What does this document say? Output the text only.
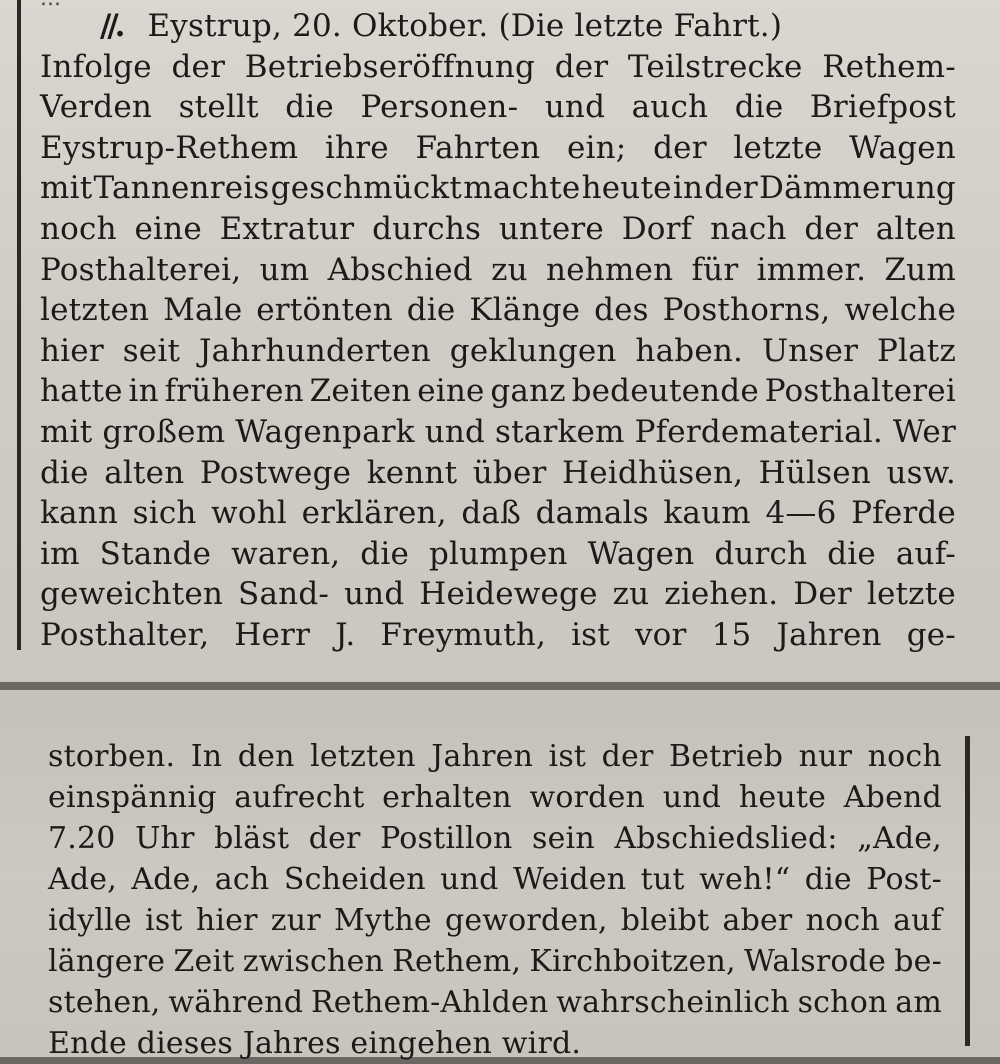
//. Eystrup, 20. Oktober. (Die letzte Fahrt.)
Infolge der Betriebseröffnung der Teilstrecke Rethem-
Verden stellt die Personen- und auch die Briefpost
Eystrup-Rethem ihre Fahrten ein; der letzte Wagen
mit Tannenreis geschmückt machte heute in der Dämmerung
noch eine Extratur durchs untere Dorf nach der alten
Posthalterei, um Abschied zu nehmen für immer. Zum
letzten Male ertönten die Klänge des Posthorns, welche
hier seit Jahrhunderten geklungen haben. Unser Platz
hatte in früheren Zeiten eine ganz bedeutende Posthalterei
mit großem Wagenpark und starkem Pferdematerial. Wer
die alten Postwege kennt über Heidhüsen, Hülsen usw.
kann sich wohl erklären, daß damals kaum 4—6 Pferde
im Stande waren, die plumpen Wagen durch die auf-
geweichten Sand- und Heidewege zu ziehen. Der letzte
Posthalter, Herr J. Freymuth, ist vor 15 Jahren ge-
storben. In den letzten Jahren ist der Betrieb nur noch
einspännig aufrecht erhalten worden und heute Abend
7.20 Uhr bläst der Postillon sein Abschiedslied: „Ade,
Ade, Ade, ach Scheiden und Weiden tut weh!“ die Post-
idylle ist hier zur Mythe geworden, bleibt aber noch auf
längere Zeit zwischen Rethem, Kirchboitzen, Walsrode be-
stehen, während Rethem-Ahlden wahrscheinlich schon am
Ende dieses Jahres eingehen wird.
